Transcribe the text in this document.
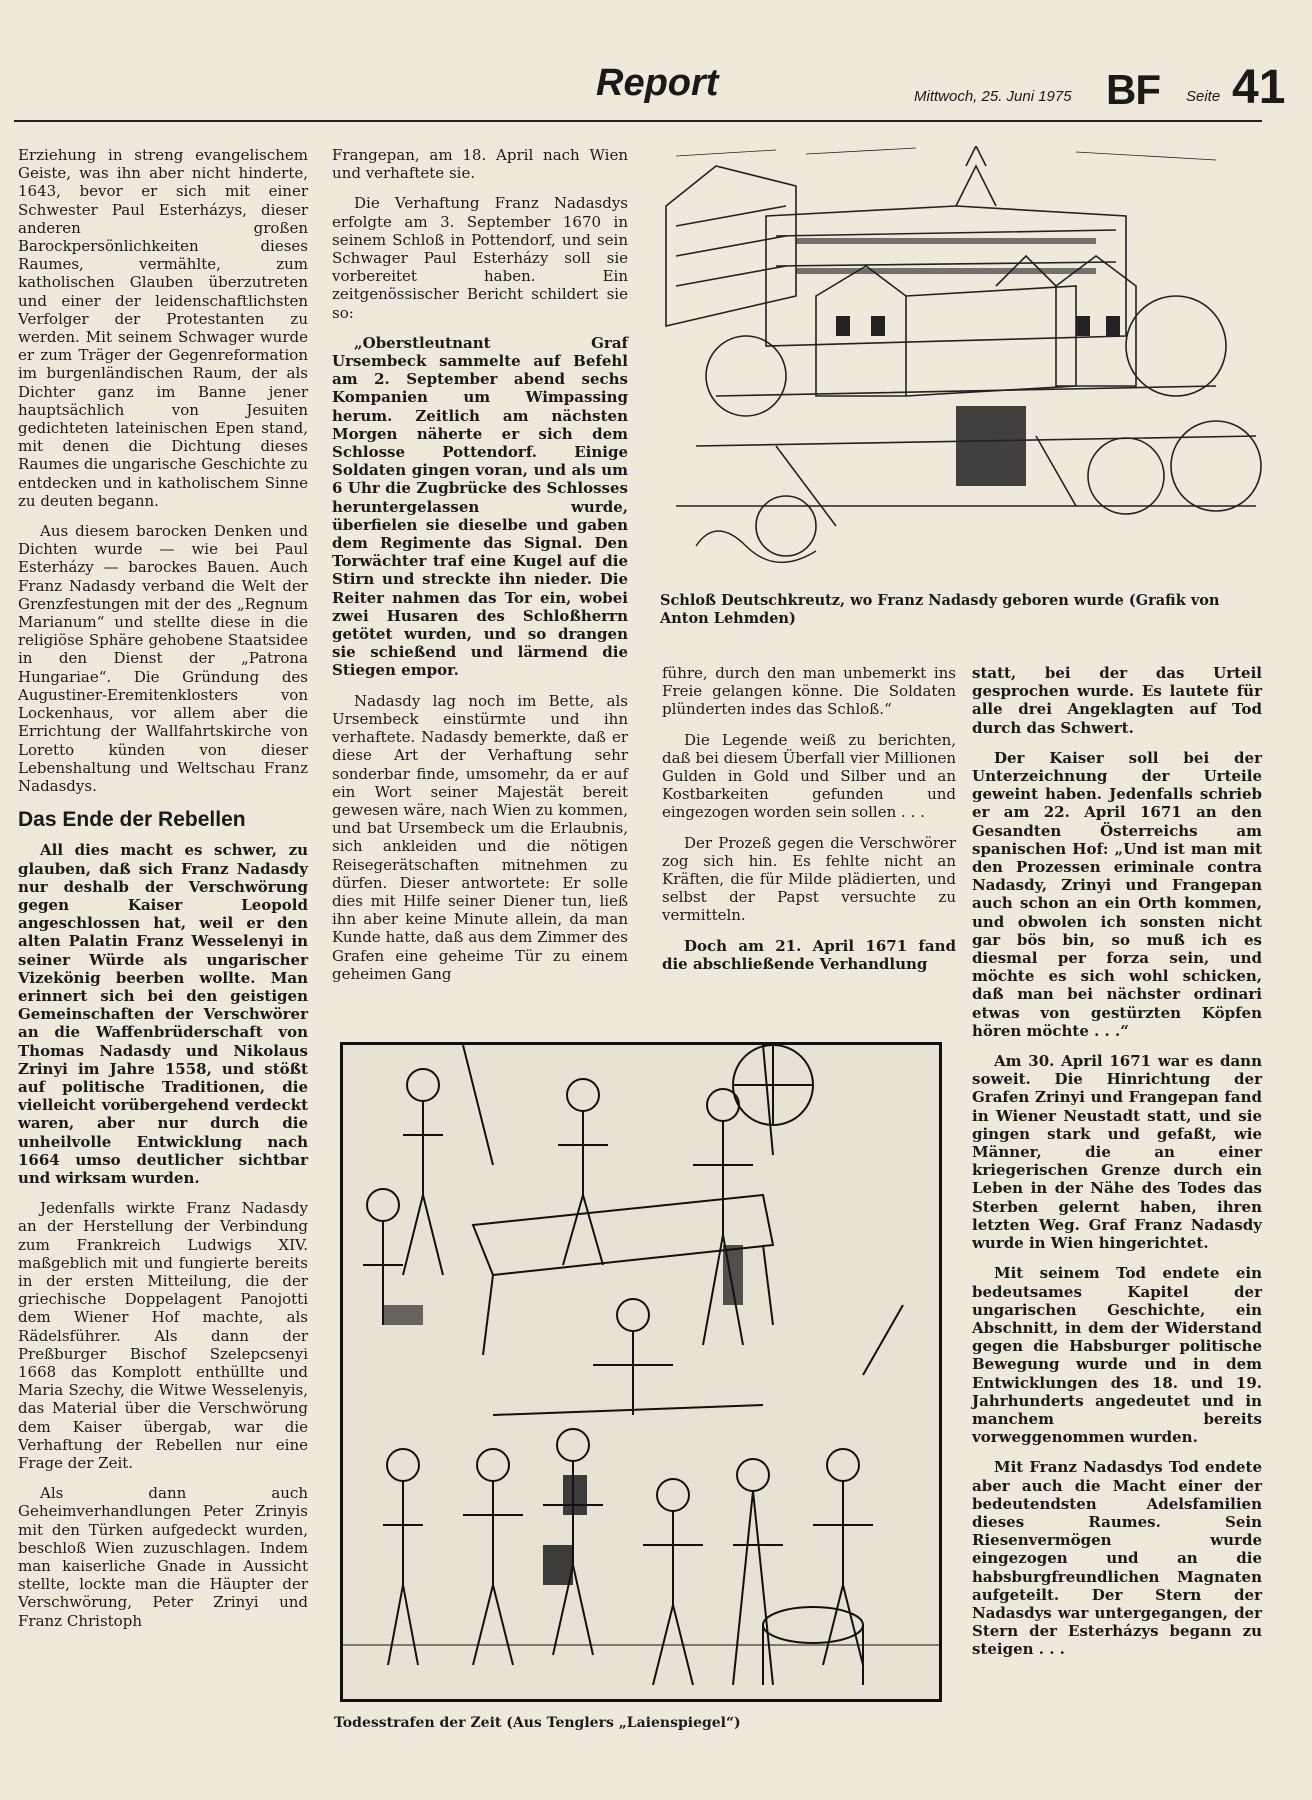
Report	Mittwoch, 25. Juni 1975 BF Seite 41

Erziehung in streng evangelischem Geiste, was ihn aber nicht hinderte, 1643, bevor er sich mit einer Schwester Paul Esterházys, dieser anderen großen Barockpersönlichkeiten dieses Raumes, vermählte, zum katholischen Glauben überzutreten und einer der leidenschaftlichsten Verfolger der Protestanten zu werden. Mit seinem Schwager wurde er zum Träger der Gegenreformation im burgenländischen Raum, der als Dichter ganz im Banne jener hauptsächlich von Jesuiten gedichteten lateinischen Epen stand, mit denen die Dichtung dieses Raumes die ungarische Geschichte zu entdecken und in katholischem Sinne zu deuten begann.

Aus diesem barocken Denken und Dichten wurde — wie bei Paul Esterházy — barockes Bauen. Auch Franz Nadasdy verband die Welt der Grenzfestungen mit der des „Regnum Marianum“ und stellte diese in die religiöse Sphäre gehobene Staatsidee in den Dienst der „Patrona Hungariae“. Die Gründung des Augustiner-Eremitenklosters von Lockenhaus, vor allem aber die Errichtung der Wallfahrtskirche von Loretto künden von dieser Lebenshaltung und Weltschau Franz Nadasdys.

Das Ende der Rebellen

All dies macht es schwer, zu glauben, daß sich Franz Nadasdy nur deshalb der Verschwörung gegen Kaiser Leopold angeschlossen hat, weil er den alten Palatin Franz Wesselenyi in seiner Würde als ungarischer Vizekönig beerben wollte. Man erinnert sich bei den geistigen Gemeinschaften der Verschwörer an die Waffenbrüderschaft von Thomas Nadasdy und Nikolaus Zrinyi im Jahre 1558, und stößt auf politische Traditionen, die vielleicht vorübergehend verdeckt waren, aber nur durch die unheilvolle Entwicklung nach 1664 umso deutlicher sichtbar und wirksam wurden.

Jedenfalls wirkte Franz Nadasdy an der Herstellung der Verbindung zum Frankreich Ludwigs XIV. maßgeblich mit und fungierte bereits in der ersten Mitteilung, die der griechische Doppelagent Panojotti dem Wiener Hof machte, als Rädelsführer. Als dann der Preßburger Bischof Szelepcsenyi 1668 das Komplott enthüllte und Maria Szechy, die Witwe Wesselenyis, das Material über die Verschwörung dem Kaiser übergab, war die Verhaftung der Rebellen nur eine Frage der Zeit.

Als dann auch Geheimverhandlungen Peter Zrinyis mit den Türken aufgedeckt wurden, beschloß Wien zuzuschlagen. Indem man kaiserliche Gnade in Aussicht stellte, lockte man die Häupter der Verschwörung, Peter Zrinyi und Franz Christoph

Frangepan, am 18. April nach Wien und verhaftete sie.

Die Verhaftung Franz Nadasdys erfolgte am 3. September 1670 in seinem Schloß in Pottendorf, und sein Schwager Paul Esterházy soll sie vorbereitet haben. Ein zeitgenössischer Bericht schildert sie so:

„Oberstleutnant Graf Ursembeck sammelte auf Befehl am 2. September abend sechs Kompanien um Wimpassing herum. Zeitlich am nächsten Morgen näherte er sich dem Schlosse Pottendorf. Einige Soldaten gingen voran, und als um 6 Uhr die Zugbrücke des Schlosses heruntergelassen wurde, überfielen sie dieselbe und gaben dem Regimente das Signal. Den Torwächter traf eine Kugel auf die Stirn und streckte ihn nieder. Die Reiter nahmen das Tor ein, wobei zwei Husaren des Schloßherrn getötet wurden, und so drangen sie schießend und lärmend die Stiegen empor.

Nadasdy lag noch im Bette, als Ursembeck einstürmte und ihn verhaftete. Nadasdy bemerkte, daß er diese Art der Verhaftung sehr sonderbar finde, umsomehr, da er auf ein Wort seiner Majestät bereit gewesen wäre, nach Wien zu kommen, und bat Ursembeck um die Erlaubnis, sich ankleiden und die nötigen Reisegerätschaften mitnehmen zu dürfen. Dieser antwortete: Er solle dies mit Hilfe seiner Diener tun, ließ ihn aber keine Minute allein, da man Kunde hatte, daß aus dem Zimmer des Grafen eine geheime Tür zu einem geheimen Gang

Schloß Deutschkreutz, wo Franz Nadasdy geboren wurde (Grafik von Anton Lehmden)

führe, durch den man unbemerkt ins Freie gelangen könne. Die Soldaten plünderten indes das Schloß.“

Die Legende weiß zu berichten, daß bei diesem Überfall vier Millionen Gulden in Gold und Silber und an Kostbarkeiten gefunden und eingezogen worden sein sollen . . .

Der Prozeß gegen die Verschwörer zog sich hin. Es fehlte nicht an Kräften, die für Milde plädierten, und selbst der Papst versuchte zu vermitteln.

Doch am 21. April 1671 fand die abschließende Verhandlung

statt, bei der das Urteil gesprochen wurde. Es lautete für alle drei Angeklagten auf Tod durch das Schwert.

Der Kaiser soll bei der Unterzeichnung der Urteile geweint haben. Jedenfalls schrieb er am 22. April 1671 an den Gesandten Österreichs am spanischen Hof: „Und ist man mit den Prozessen eriminale contra Nadasdy, Zrinyi und Frangepan auch schon an ein Orth kommen, und obwolen ich sonsten nicht gar bös bin, so muß ich es diesmal per forza sein, und möchte es sich wohl schicken, daß man bei nächster ordinari etwas von gestürzten Köpfen hören möchte . . .“

Am 30. April 1671 war es dann soweit. Die Hinrichtung der Grafen Zrinyi und Frangepan fand in Wiener Neustadt statt, und sie gingen stark und gefaßt, wie Männer, die an einer kriegerischen Grenze durch ein Leben in der Nähe des Todes das Sterben gelernt haben, ihren letzten Weg. Graf Franz Nadasdy wurde in Wien hingerichtet.

Mit seinem Tod endete ein bedeutsames Kapitel der ungarischen Geschichte, ein Abschnitt, in dem der Widerstand gegen die Habsburger politische Bewegung wurde und in dem Entwicklungen des 18. und 19. Jahrhunderts angedeutet und in manchem bereits vorweggenommen wurden.

Mit Franz Nadasdys Tod endete aber auch die Macht einer der bedeutendsten Adelsfamilien dieses Raumes. Sein Riesenvermögen wurde eingezogen und an die habsburgfreundlichen Magnaten aufgeteilt. Der Stern der Nadasdys war untergegangen, der Stern der Esterházys begann zu steigen . . .

Todesstrafen der Zeit (Aus Tenglers „Laienspiegel“)
